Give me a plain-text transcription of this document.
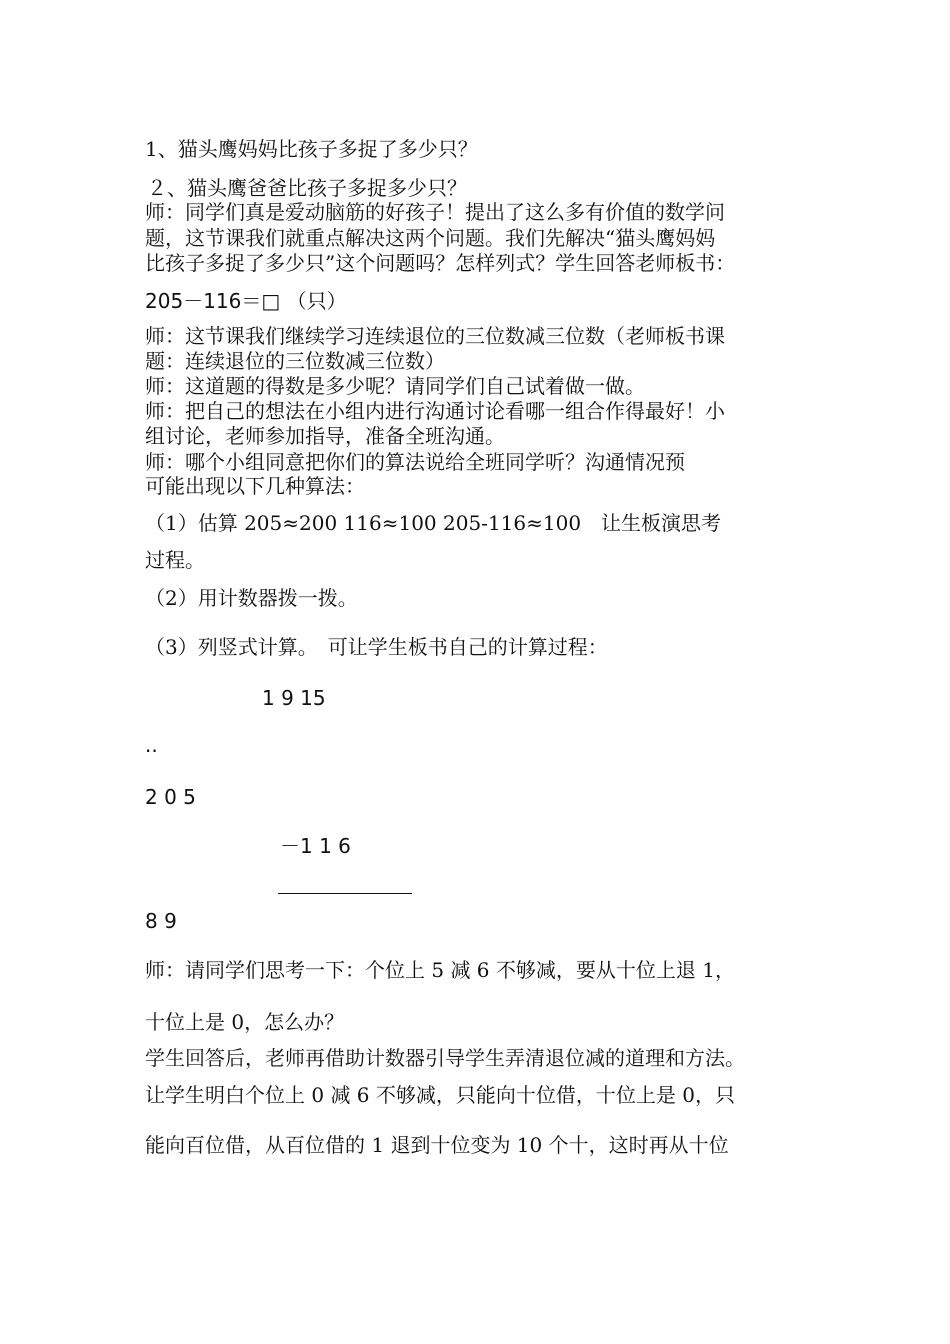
1、猫头鹰妈妈比孩子多捉了多少只？

２、猫头鹰爸爸比孩子多捉多少只？

师：同学们真是爱动脑筋的好孩子！提出了这么多有价值的数学问

题，这节课我们就重点解决这两个问题。我们先解决“猫头鹰妈妈

比孩子多捉了多少只”这个问题吗？怎样列式？学生回答老师板书：

205－116＝□ （只）

师：这节课我们继续学习连续退位的三位数减三位数（老师板书课

题：连续退位的三位数减三位数）

师：这道题的得数是多少呢？请同学们自己试着做一做。

师：把自己的想法在小组内进行沟通讨论看哪一组合作得最好！小

组讨论，老师参加指导，准备全班沟通。

师：哪个小组同意把你们的算法说给全班同学听？沟通情况预

可能出现以下几种算法：

（1）估算 205≈200 116≈100 205-116≈100　让生板演思考

过程。

（2）用计数器拨一拨。

（3）列竖式计算。　可让学生板书自己的计算过程：

1 9 15

..

2 0 5

－1 1 6

8 9

师：请同学们思考一下：个位上 5 减 6 不够减，要从十位上退 1，

十位上是 0，怎么办？

学生回答后，老师再借助计数器引导学生弄清退位减的道理和方法。

让学生明白个位上 0 减 6 不够减，只能向十位借，十位上是 0，只

能向百位借，从百位借的 1 退到十位变为 10 个十，这时再从十位
